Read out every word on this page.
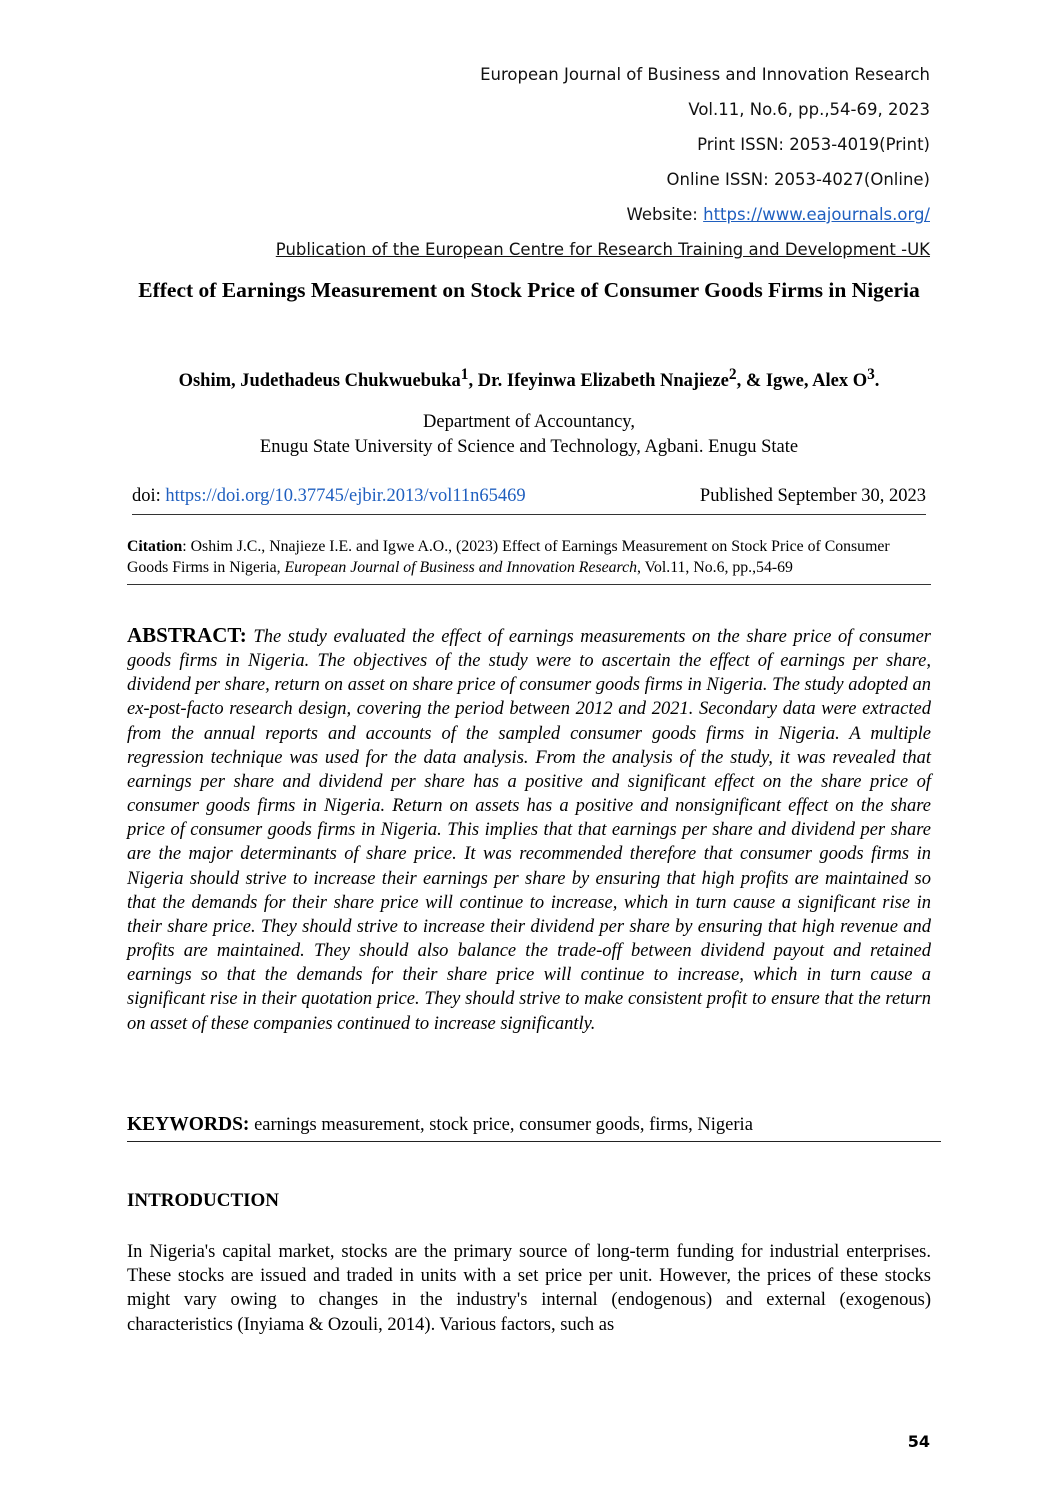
European Journal of Business and Innovation Research
Vol.11, No.6, pp.,54-69, 2023
Print ISSN: 2053-4019(Print)
Online ISSN: 2053-4027(Online)
Website: https://www.eajournals.org/
Publication of the European Centre for Research Training and Development -UK
Effect of Earnings Measurement on Stock Price of Consumer Goods Firms in Nigeria
Oshim, Judethadeus Chukwuebuka$^1$, Dr. Ifeyinwa Elizabeth Nnajieze$^2$, & Igwe, Alex $O^3$.
Department of Accountancy,
Enugu State University of Science and Technology, Agbani. Enugu State
doi: https://doi.org/10.37745/ejbir.2013/vol11n65469	Published September 30, 2023
Citation: Oshim J.C., Nnajieze I.E. and Igwe A.O., (2023) Effect of Earnings Measurement on Stock Price of Consumer Goods Firms in Nigeria, European Journal of Business and Innovation Research, Vol.11, No.6, pp.,54-69
ABSTRACT: The study evaluated the effect of earnings measurements on the share price of consumer goods firms in Nigeria. The objectives of the study were to ascertain the effect of earnings per share, dividend per share, return on asset on share price of consumer goods firms in Nigeria. The study adopted an ex-post-facto research design, covering the period between 2012 and 2021. Secondary data were extracted from the annual reports and accounts of the sampled consumer goods firms in Nigeria. A multiple regression technique was used for the data analysis. From the analysis of the study, it was revealed that earnings per share and dividend per share has a positive and significant effect on the share price of consumer goods firms in Nigeria. Return on assets has a positive and nonsignificant effect on the share price of consumer goods firms in Nigeria. This implies that that earnings per share and dividend per share are the major determinants of share price. It was recommended therefore that consumer goods firms in Nigeria should strive to increase their earnings per share by ensuring that high profits are maintained so that the demands for their share price will continue to increase, which in turn cause a significant rise in their share price. They should strive to increase their dividend per share by ensuring that high revenue and profits are maintained. They should also balance the trade-off between dividend payout and retained earnings so that the demands for their share price will continue to increase, which in turn cause a significant rise in their quotation price. They should strive to make consistent profit to ensure that the return on asset of these companies continued to increase significantly.
KEYWORDS: earnings measurement, stock price, consumer goods, firms, Nigeria
INTRODUCTION
In Nigeria's capital market, stocks are the primary source of long-term funding for industrial enterprises. These stocks are issued and traded in units with a set price per unit. However, the prices of these stocks might vary owing to changes in the industry's internal (endogenous) and external (exogenous) characteristics (Inyiama & Ozouli, 2014). Various factors, such as
54
